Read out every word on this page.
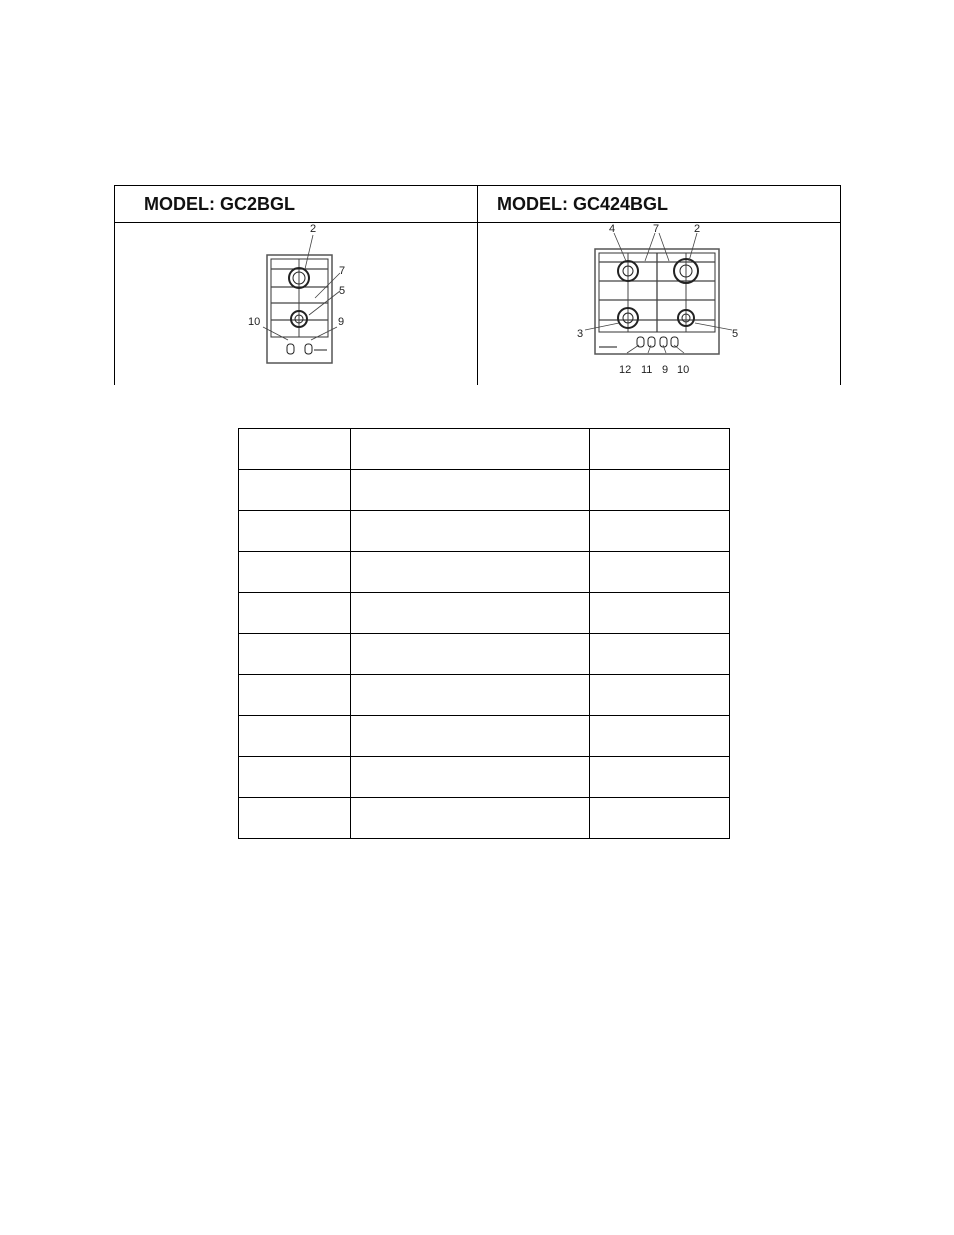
MODEL: GC2BGL
2
7
5
10	9
MODEL: GC424BGL
4	7	2
3	5
12 11 9 10
